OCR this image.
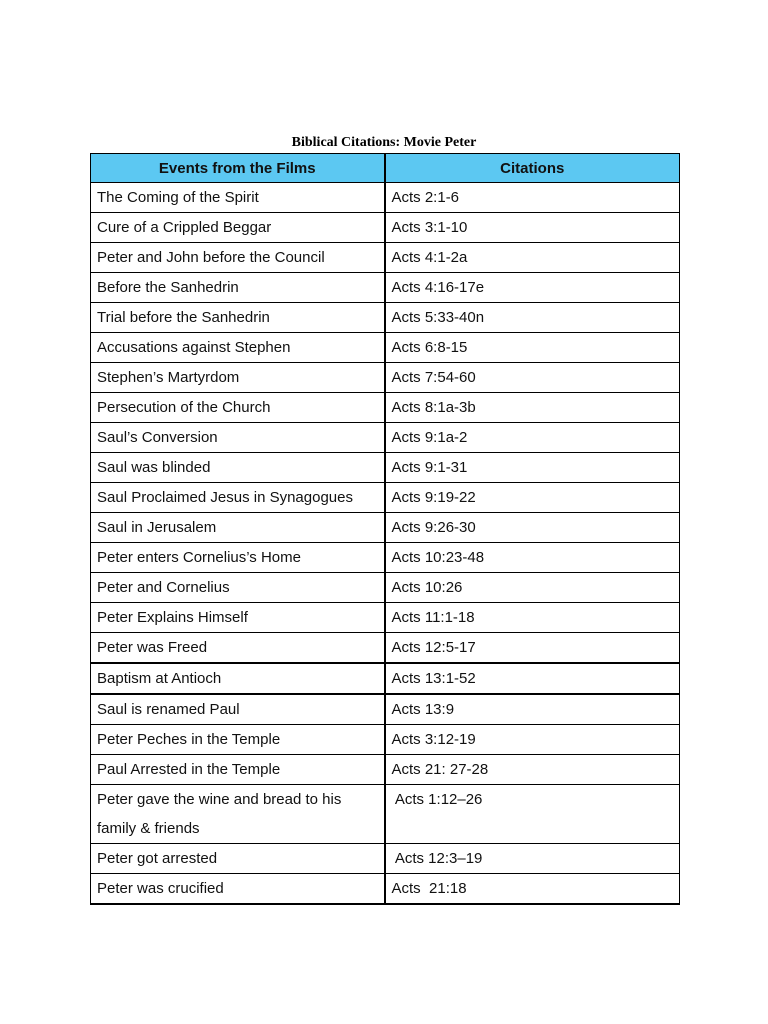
Biblical Citations: Movie Peter
Events from the Films	Citations
The Coming of the Spirit	Acts 2:1-6
Cure of a Crippled Beggar	Acts 3:1-10
Peter and John before the Council	Acts 4:1-2a
Before the Sanhedrin	Acts 4:16-17e
Trial before the Sanhedrin	Acts 5:33-40n
Accusations against Stephen	Acts 6:8-15
Stephen’s Martyrdom	Acts 7:54-60
Persecution of the Church	Acts 8:1a-3b
Saul’s Conversion	Acts 9:1a-2
Saul was blinded	Acts 9:1-31
Saul Proclaimed Jesus in Synagogues	Acts 9:19-22
Saul in Jerusalem	Acts 9:26-30
Peter enters Cornelius’s Home	Acts 10:23-48
Peter and Cornelius	Acts 10:26
Peter Explains Himself	Acts 11:1-18
Peter was Freed	Acts 12:5-17
Baptism at Antioch	Acts 13:1-52
Saul is renamed Paul	Acts 13:9
Peter Peches in the Temple	Acts 3:12-19
Paul Arrested in the Temple	Acts 21: 27-28
Peter gave the wine and bread to his family & friends	Acts 1:12–26
Peter got arrested	Acts 12:3–19
Peter was crucified	Acts  21:18
